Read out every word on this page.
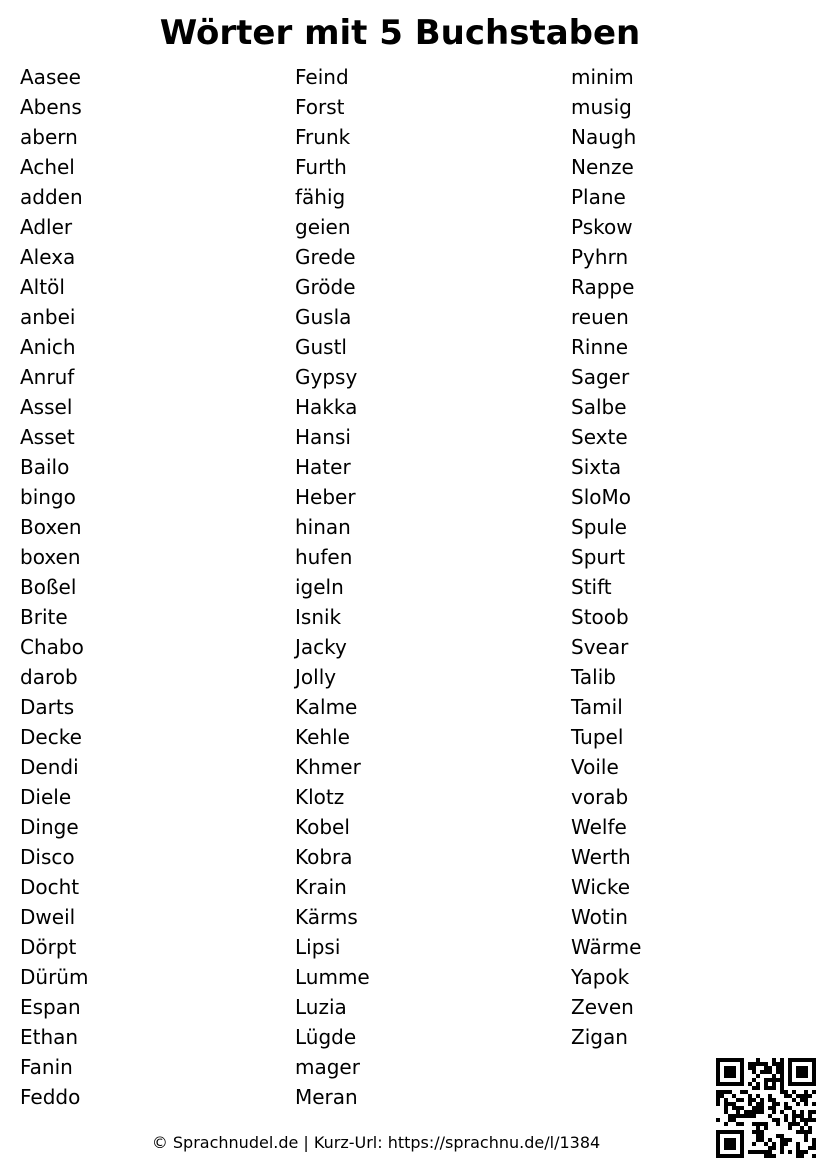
Wörter mit 5 Buchstaben
Aasee
Abens
abern
Achel
adden
Adler
Alexa
Altöl
anbei
Anich
Anruf
Assel
Asset
Bailo
bingo
Boxen
boxen
Boßel
Brite
Chabo
darob
Darts
Decke
Dendi
Diele
Dinge
Disco
Docht
Dweil
Dörpt
Dürüm
Espan
Ethan
Fanin
Feddo
Feind
Forst
Frunk
Furth
fähig
geien
Grede
Gröde
Gusla
Gustl
Gypsy
Hakka
Hansi
Hater
Heber
hinan
hufen
igeln
Isnik
Jacky
Jolly
Kalme
Kehle
Khmer
Klotz
Kobel
Kobra
Krain
Kärms
Lipsi
Lumme
Luzia
Lügde
mager
Meran
minim
musig
Naugh
Nenze
Plane
Pskow
Pyhrn
Rappe
reuen
Rinne
Sager
Salbe
Sexte
Sixta
SloMo
Spule
Spurt
Stift
Stoob
Svear
Talib
Tamil
Tupel
Voile
vorab
Welfe
Werth
Wicke
Wotin
Wärme
Yapok
Zeven
Zigan
© Sprachnudel.de | Kurz-Url: https://sprachnu.de/l/1384
